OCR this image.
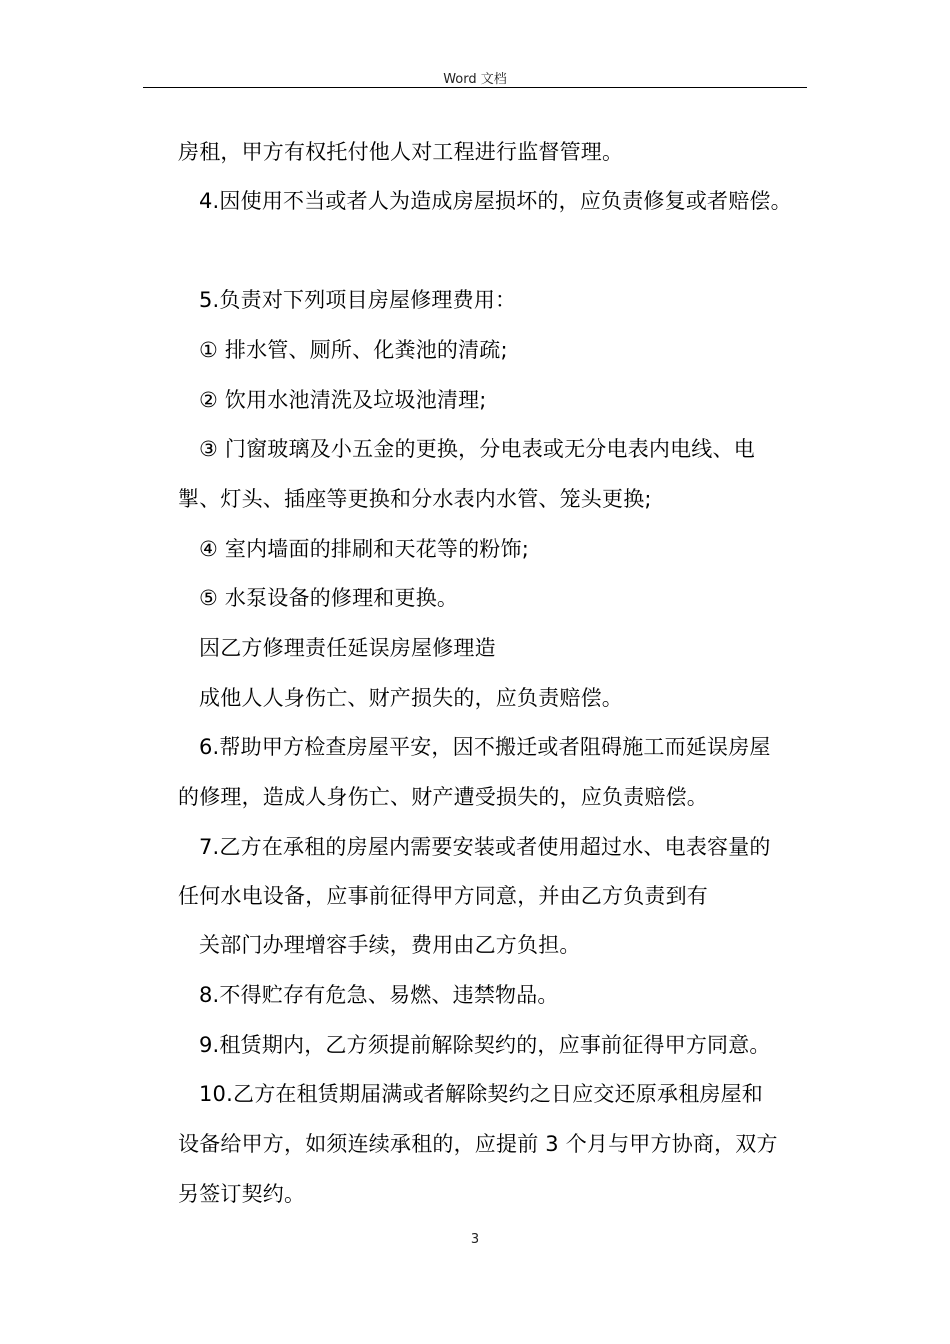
Word 文档
房租，甲方有权托付他人对工程进行监督管理。
4.因使用不当或者人为造成房屋损坏的，应负责修复或者赔偿。
5.负责对下列项目房屋修理费用：
① 排水管、厕所、化粪池的清疏;
② 饮用水池清洗及垃圾池清理;
③ 门窗玻璃及小五金的更换，分电表或无分电表内电线、电
掣、灯头、插座等更换和分水表内水管、笼头更换;
④ 室内墙面的排刷和天花等的粉饰;
⑤ 水泵设备的修理和更换。
因乙方修理责任延误房屋修理造
成他人人身伤亡、财产损失的，应负责赔偿。
6.帮助甲方检查房屋平安，因不搬迁或者阻碍施工而延误房屋
的修理，造成人身伤亡、财产遭受损失的，应负责赔偿。
7.乙方在承租的房屋内需要安装或者使用超过水、电表容量的
任何水电设备，应事前征得甲方同意，并由乙方负责到有
关部门办理增容手续，费用由乙方负担。
8.不得贮存有危急、易燃、违禁物品。
9.租赁期内，乙方须提前解除契约的，应事前征得甲方同意。
10.乙方在租赁期届满或者解除契约之日应交还原承租房屋和
设备给甲方，如须连续承租的，应提前 3 个月与甲方协商，双方
另签订契约。
3
